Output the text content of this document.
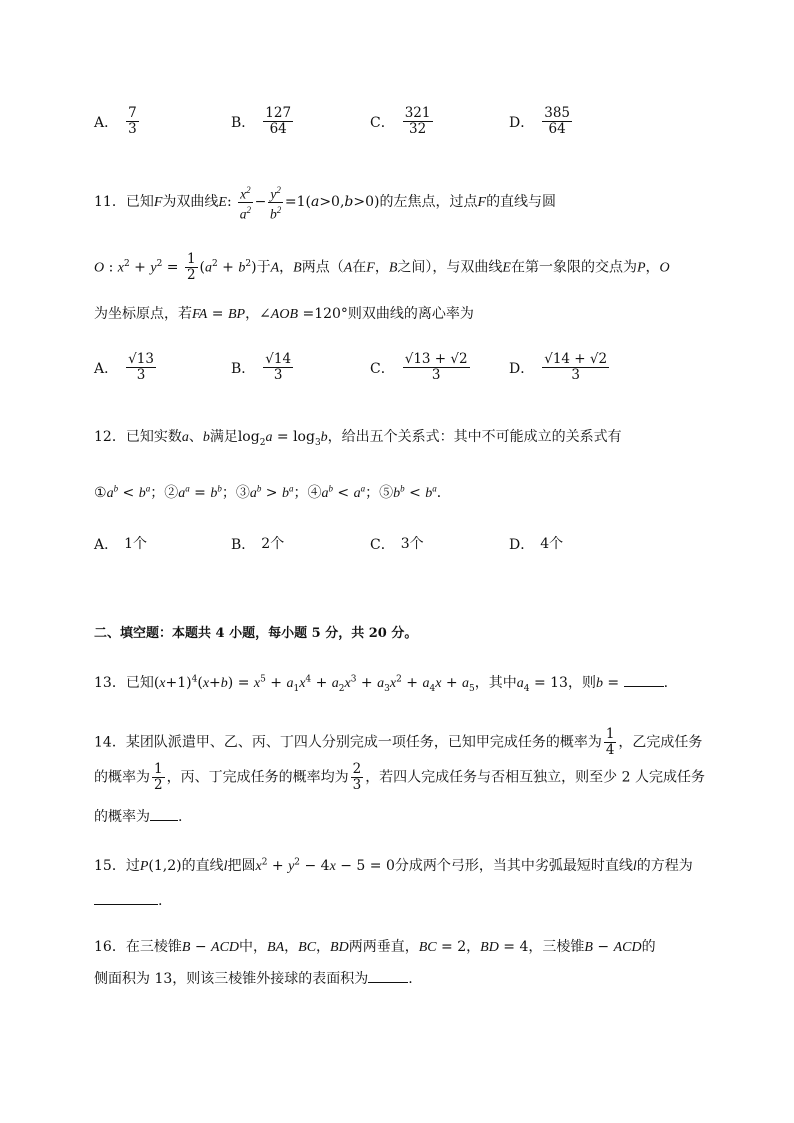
A． $\frac{7}{3}$	B． $\frac{127}{64}$	C． $\frac{321}{32}$	D． $\frac{385}{64}$
11．已知F为双曲线E: $\frac{x^2}{a^2} - \frac{y^2}{b^2} =1(a>0,b>0)$的左焦点，过点F的直线与圆
O : $x^2 + y^2 = \frac{1}{2} (a^2 + b^2)$于A，B两点（A在F，B之间），与双曲线E在第一象限的交点为P，O
为坐标原点，若FA = BP，∠AOB =120°则双曲线的离心率为
A． $\frac{√13}{3}$	B． $\frac{√14}{3}$	C． $\frac{√13 + √2}{3}$	D． $\frac{√14 + √2}{3}$
12．已知实数a、b满足$\log_2a = \log_3b$，给出五个关系式：其中不可能成立的关系式有
$①a^b < b^a$；$②a^a = b^b$；$③a^b > b^a$；$④a^b < a^a$；$⑤b^b < b^a$．
A． 1个	B． 2个	C． 3个	D． 4个
二、填空题：本题共 4 小题，每小题 5 分，共 20 分。
13．已知$(x+1)^4(x+b) = x^5 + a_1x^4 + a_2x^3 + a_3x^2 + a_4x + a_5$，其中$a_4 = 13$，则b =	.
14．某团队派遣甲、乙、丙、丁四人分别完成一项任务，已知甲完成任务的概率为 $\frac{1}{4}$ ，乙完成任务
的概率为 $\frac{1}{2}$ ，丙、丁完成任务的概率均为 $\frac{2}{3}$ ，若四人完成任务与否相互独立，则至少 2 人完成任务
的概率为 .
15．过P(1,2)的直线l把圆$x^2 + y^2 - 4x - 5 = 0$分成两个弓形，当其中劣弧最短时直线l的方程为
.
16．在三棱锥B − ACD中，BA，BC，BD两两垂直，BC = 2，BD = 4，三棱锥B − ACD的
侧面积为 13，则该三棱锥外接球的表面积为	.
